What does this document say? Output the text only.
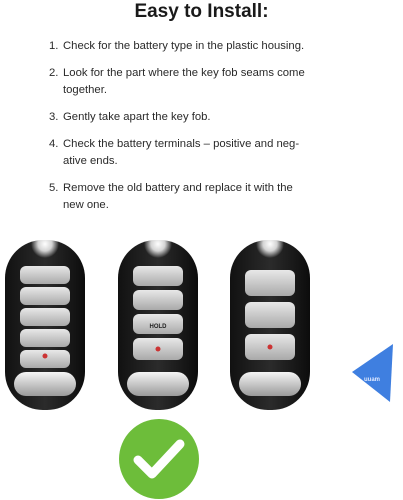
Easy to Install:
1. Check for the battery type in the plastic housing.
2. Look for the part where the key fob seams come
together.
3. Gently take apart the key fob.
4. Check the battery terminals – positive and neg-
ative ends.
5. Remove the old battery and replace it with the
new one.
HOLD
uuam
